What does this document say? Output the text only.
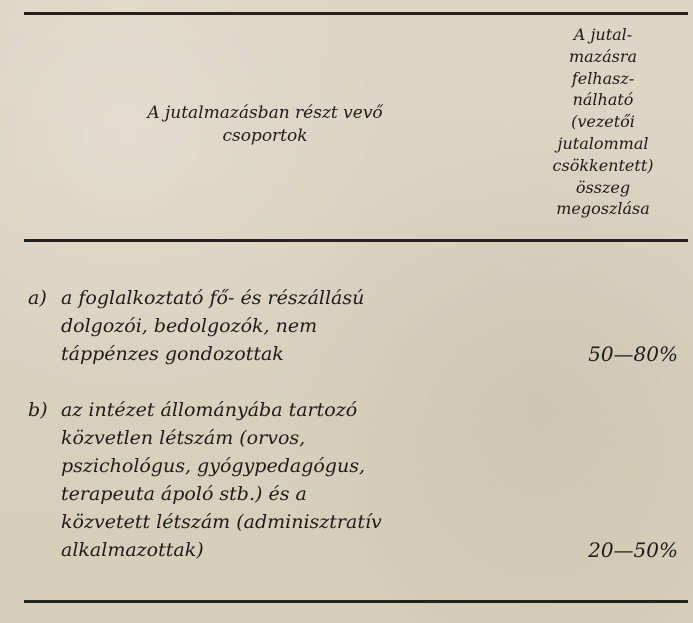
A jutalmazásban részt vevő
csoportok
A jutal-
mazásra
felhasz-
nálható
(vezetői
jutalommal
csökkentett)
összeg
megoszlása
a) a foglalkoztató fő- és részállású
dolgozói, bedolgozók, nem
táppénzes gondozottak	50—80%
b) az intézet állományába tartozó
közvetlen létszám (orvos,
pszichológus, gyógypedagógus,
terapeuta ápoló stb.) és a
közvetett létszám (adminisztratív
alkalmazottak)	20—50%
